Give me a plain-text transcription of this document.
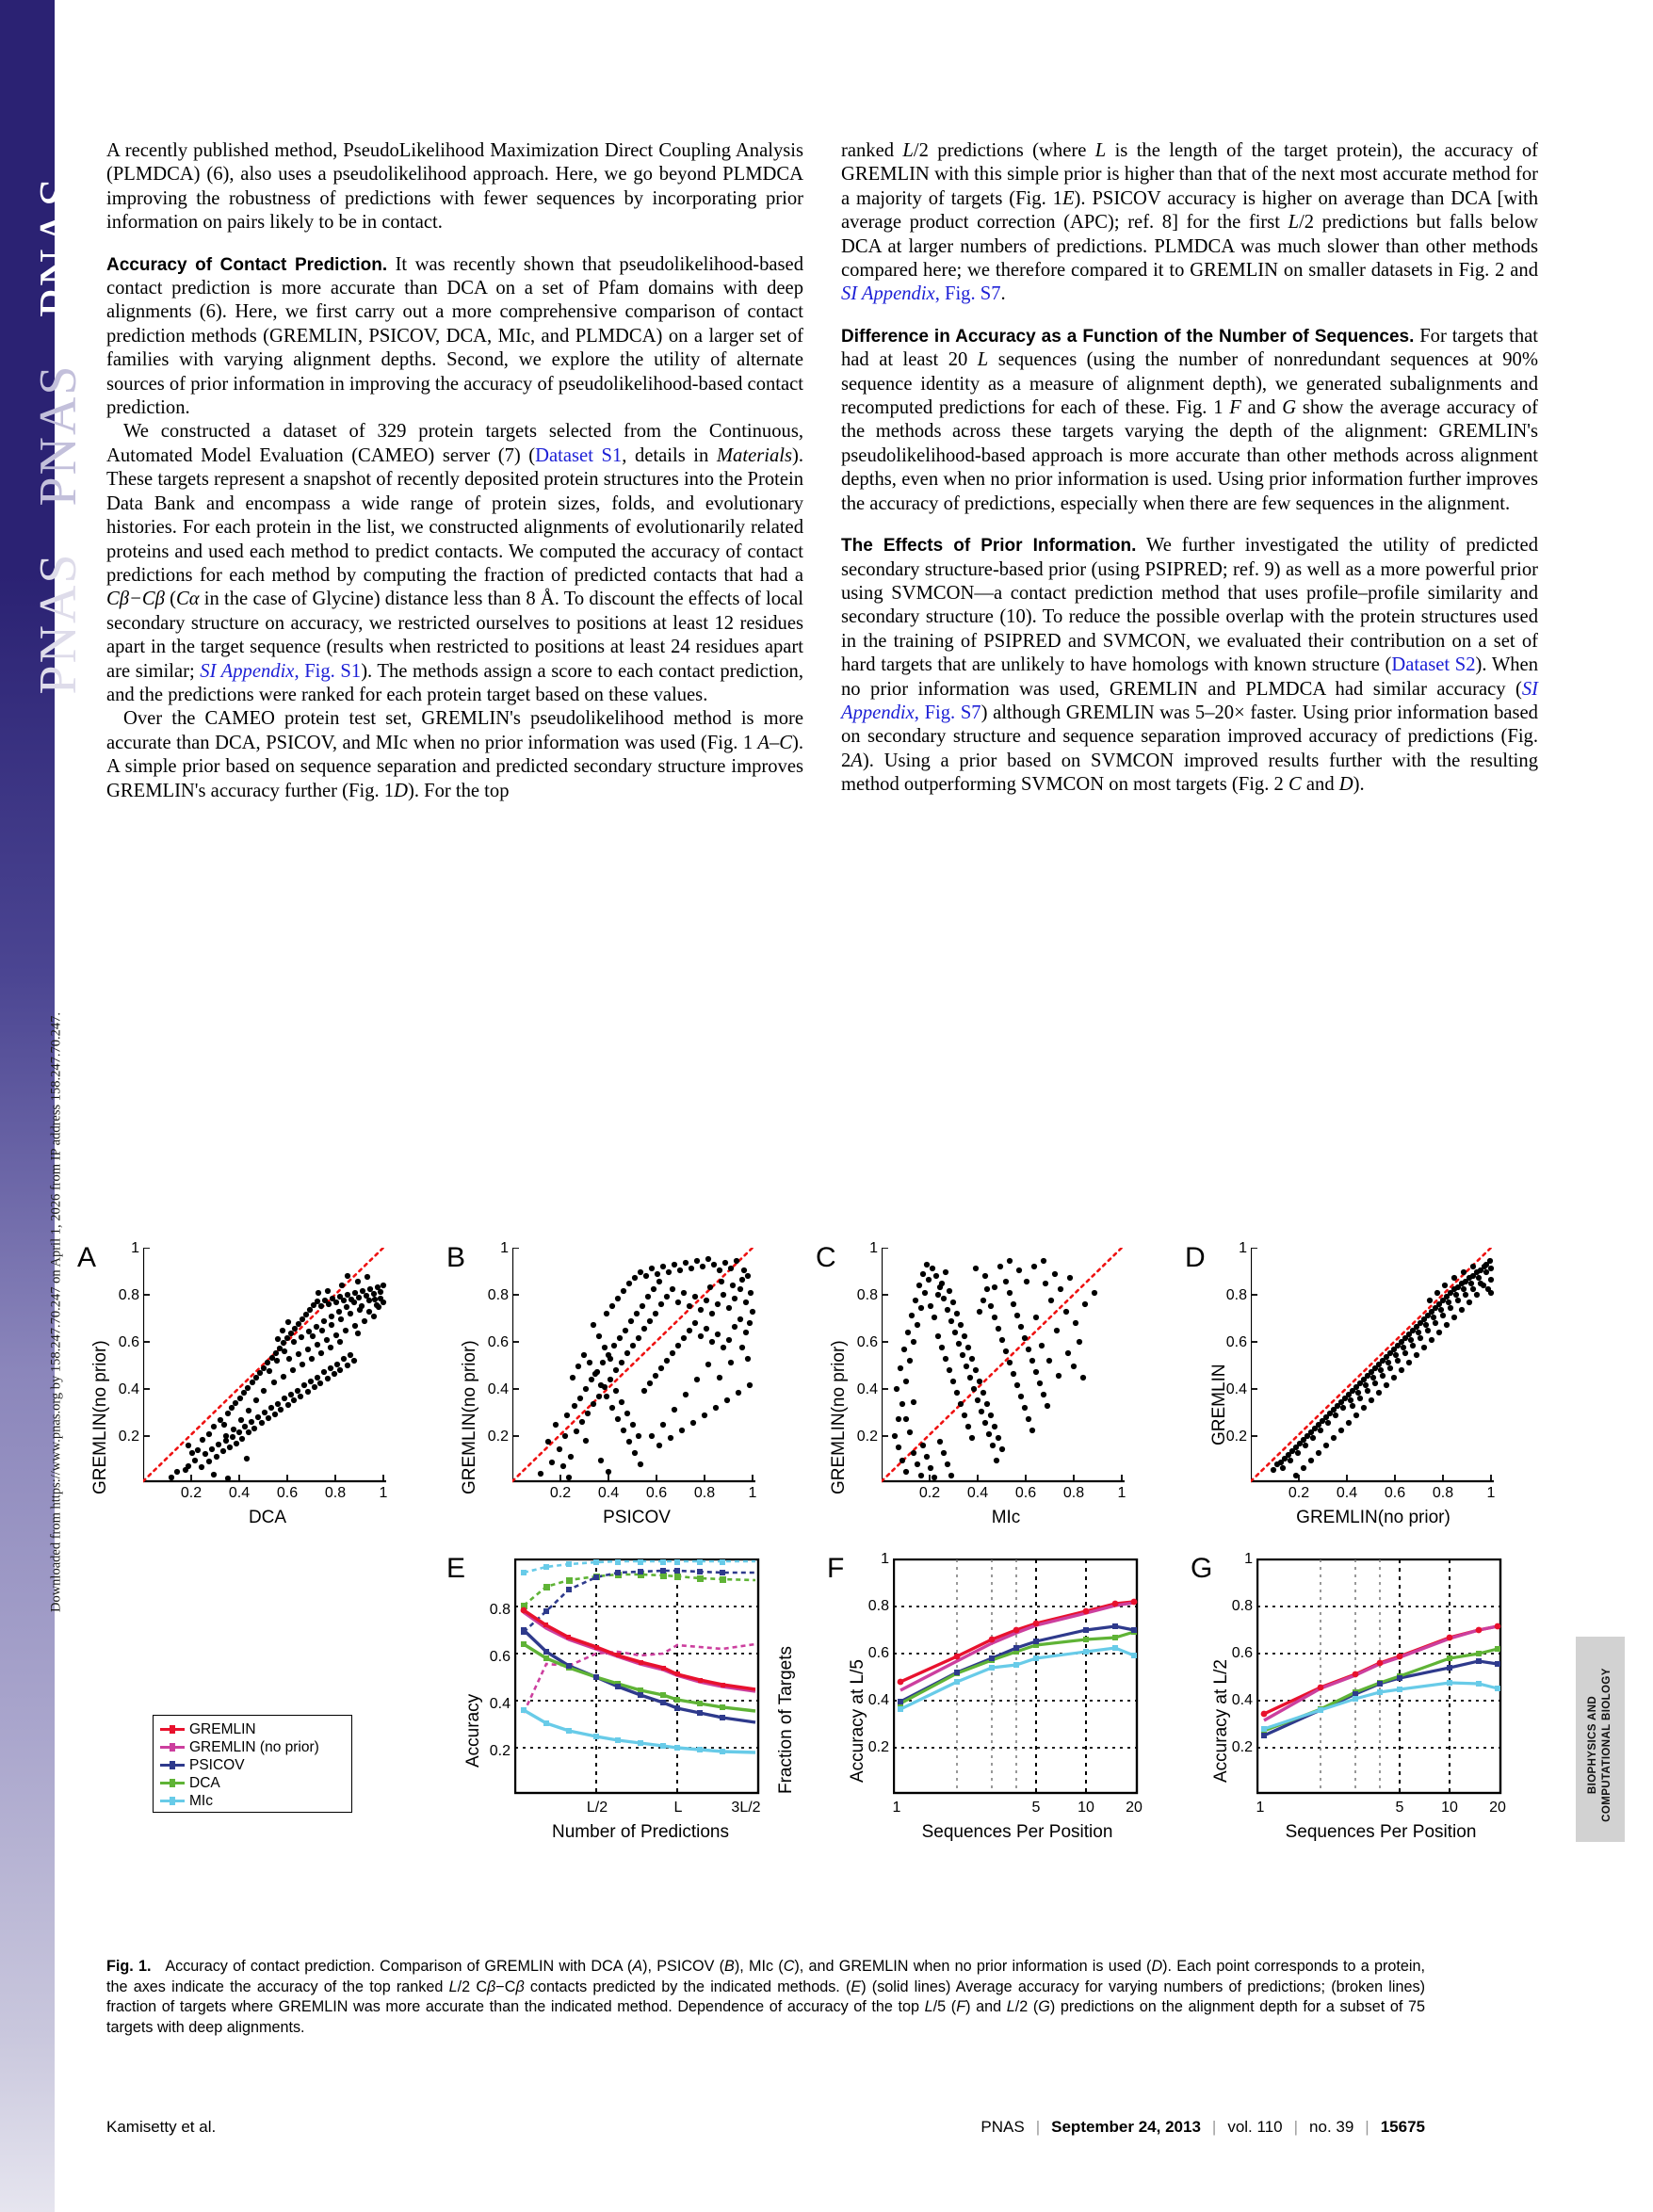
PNAS
PNAS
PNAS
Downloaded from https://www.pnas.org by 158.247.70.247 on April 1, 2026 from IP address 158.247.70.247.
BIOPHYSICS AND COMPUTATIONAL BIOLOGY

A recently published method, PseudoLikelihood Maximization Direct Coupling Analysis (PLMDCA) (6), also uses a pseudolikelihood approach. Here, we go beyond PLMDCA improving the robustness of predictions with fewer sequences by incorporating prior information on pairs likely to be in contact.

Accuracy of Contact Prediction. It was recently shown that pseudolikelihood-based contact prediction is more accurate than DCA on a set of Pfam domains with deep alignments (6). Here, we first carry out a more comprehensive comparison of contact prediction methods (GREMLIN, PSICOV, DCA, MIc, and PLMDCA) on a larger set of families with varying alignment depths. Second, we explore the utility of alternate sources of prior information in improving the accuracy of pseudolikelihood-based contact prediction.

We constructed a dataset of 329 protein targets selected from the Continuous, Automated Model Evaluation (CAMEO) server (7) (Dataset S1, details in Materials). These targets represent a snapshot of recently deposited protein structures into the Protein Data Bank and encompass a wide range of protein sizes, folds, and evolutionary histories. For each protein in the list, we constructed alignments of evolutionarily related proteins and used each method to predict contacts. We computed the accuracy of contact predictions for each method by computing the fraction of predicted contacts that had a Cβ−Cβ (Cα in the case of Glycine) distance less than 8 Å. To discount the effects of local secondary structure on accuracy, we restricted ourselves to positions at least 12 residues apart in the target sequence (results when restricted to positions at least 24 residues apart are similar; SI Appendix, Fig. S1). The methods assign a score to each contact prediction, and the predictions were ranked for each protein target based on these values.

Over the CAMEO protein test set, GREMLIN's pseudolikelihood method is more accurate than DCA, PSICOV, and MIc when no prior information was used (Fig. 1 A–C). A simple prior based on sequence separation and predicted secondary structure improves GREMLIN's accuracy further (Fig. 1D). For the top

ranked L/2 predictions (where L is the length of the target protein), the accuracy of GREMLIN with this simple prior is higher than that of the next most accurate method for a majority of targets (Fig. 1E). PSICOV accuracy is higher on average than DCA [with average product correction (APC); ref. 8] for the first L/2 predictions but falls below DCA at larger numbers of predictions. PLMDCA was much slower than other methods compared here; we therefore compared it to GREMLIN on smaller datasets in Fig. 2 and SI Appendix, Fig. S7.

Difference in Accuracy as a Function of the Number of Sequences. For targets that had at least 20 L sequences (using the number of nonredundant sequences at 90% sequence identity as a measure of alignment depth), we generated subalignments and recomputed predictions for each of these. Fig. 1 F and G show the average accuracy of the methods across these targets varying the depth of the alignment: GREMLIN's pseudolikelihood-based approach is more accurate than other methods across alignment depths, even when no prior information is used. Using prior information further improves the accuracy of predictions, especially when there are few sequences in the alignment.

The Effects of Prior Information. We further investigated the utility of predicted secondary structure-based prior (using PSIPRED; ref. 9) as well as a more powerful prior using SVMCON—a contact prediction method that uses profile–profile similarity and secondary structure (10). To reduce the possible overlap with the protein structures used in the training of PSIPRED and SVMCON, we evaluated their contribution on a set of hard targets that are unlikely to have homologs with known structure (Dataset S2). When no prior information was used, GREMLIN and PLMDCA had similar accuracy (SI Appendix, Fig. S7) although GREMLIN was 5–20× faster. Using prior information based on secondary structure and sequence separation improved accuracy of predictions (Fig. 2A). Using a prior based on SVMCON improved results further with the resulting method outperforming SVMCON on most targets (Fig. 2 C and D).

A
GREMLIN(no prior)
1
0.8
0.6
0.4
0.2
0.2	0.4	0.6	0.8	1
DCA
B
GREMLIN(no prior)
1
0.8
0.6
0.4
0.2
0.2	0.4	0.6	0.8	1
PSICOV
C
GREMLIN(no prior)
1
0.8
0.6
0.4
0.2
0.2	0.4	0.6	0.8	1
MIc
D
GREMLIN
1
0.8
0.6
0.4
0.2
0.2	0.4	0.6	0.8	1
GREMLIN(no prior)
GREMLIN
GREMLIN (no prior)
PSICOV
DCA
MIc
E
Accuracy
0.8
0.6
0.4
0.2
L/2	L	3L/2
Number of Predictions
Fraction of Targets
F
Accuracy at L/5
1
0.8
0.6
0.4
0.2
1	5	10	20
Sequences Per Position
G
Accuracy at L/2
1
0.8
0.6
0.4
0.2
1	5	10	20
Sequences Per Position
Fig. 1. Accuracy of contact prediction. Comparison of GREMLIN with DCA (A), PSICOV (B), MIc (C), and GREMLIN when no prior information is used (D). Each point corresponds to a protein, the axes indicate the accuracy of the top ranked L/2 Cβ−Cβ contacts predicted by the indicated methods. (E) (solid lines) Average accuracy for varying numbers of predictions; (broken lines) fraction of targets where GREMLIN was more accurate than the indicated method. Dependence of accuracy of the top L/5 (F) and L/2 (G) predictions on the alignment depth for a subset of 75 targets with deep alignments.
Kamisetty et al.	PNAS | September 24, 2013 | vol. 110 | no. 39 | 15675
